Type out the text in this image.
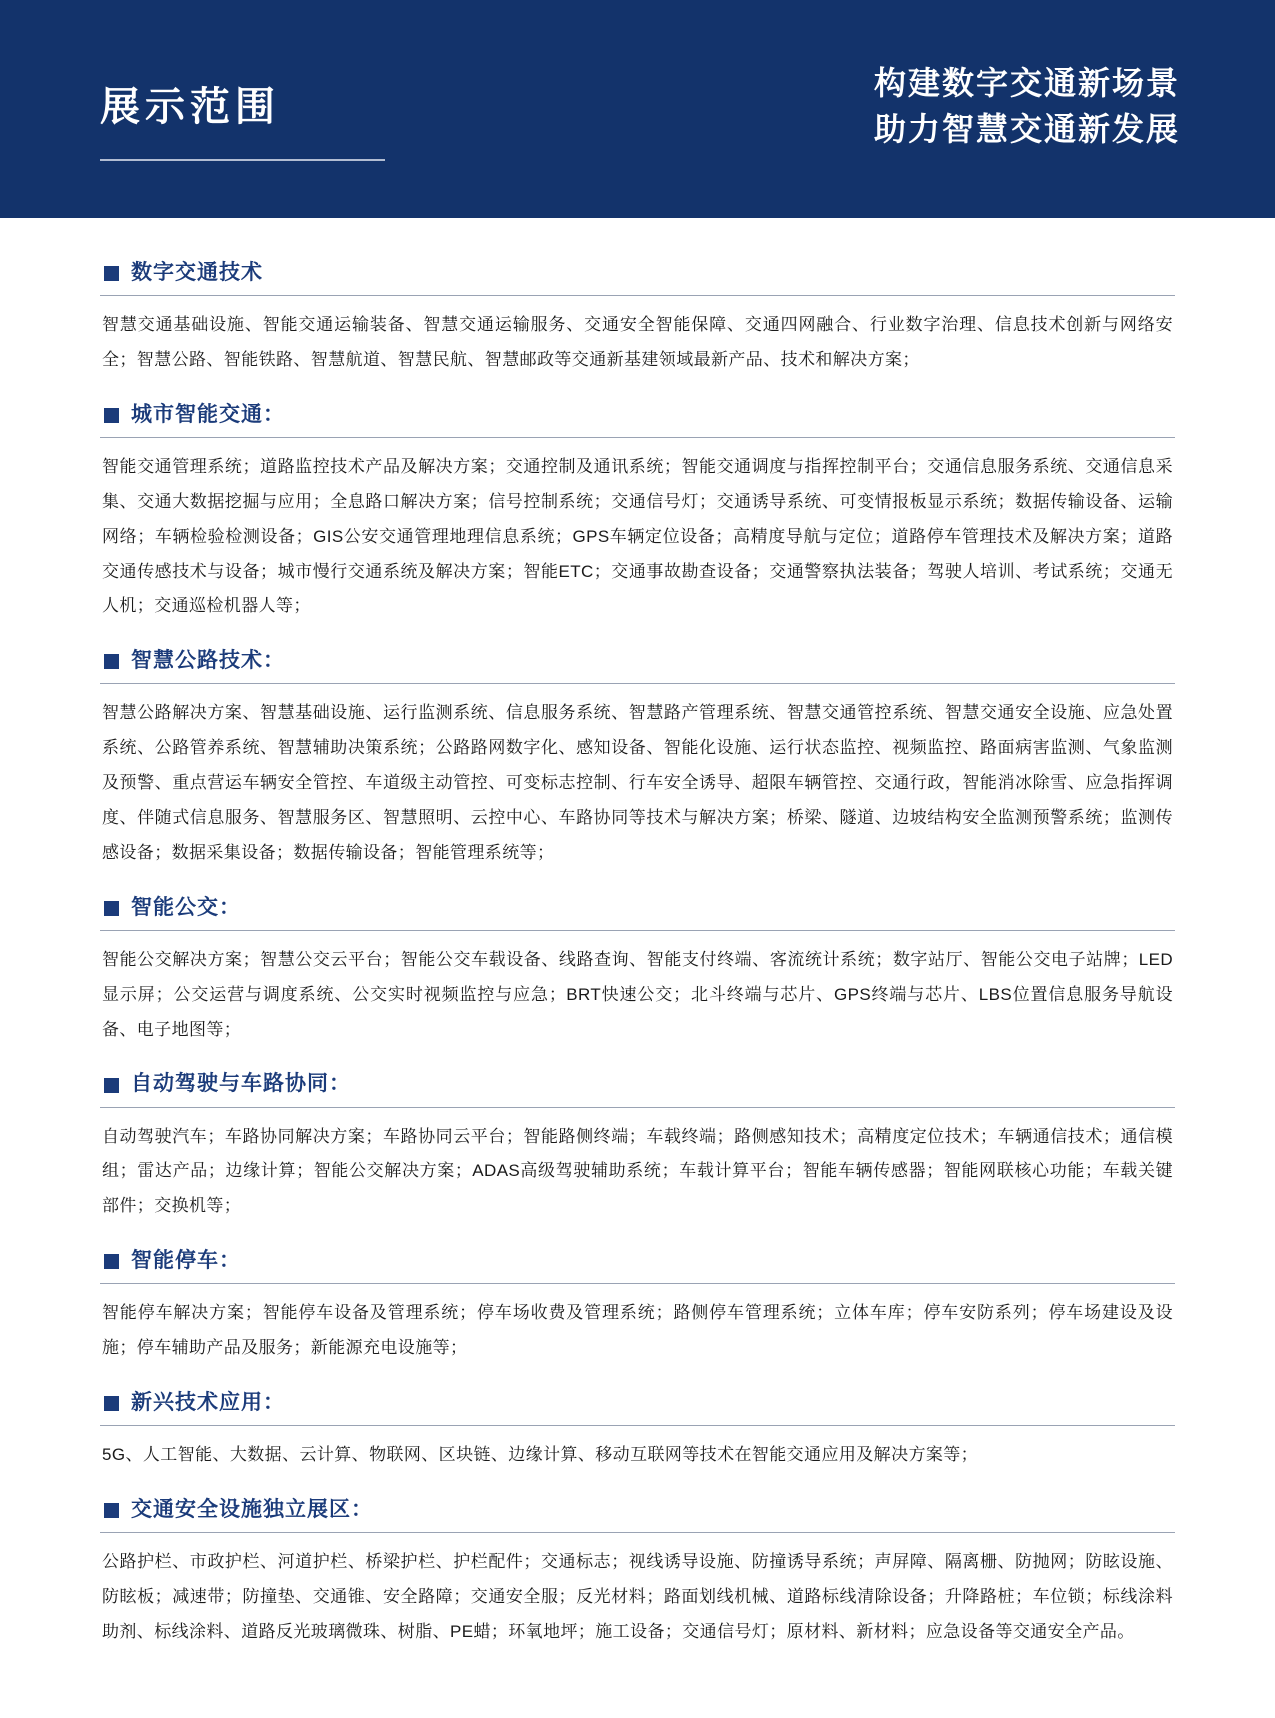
展示范围
构建数字交通新场景
助力智慧交通新发展
数字交通技术
智慧交通基础设施、智能交通运输装备、智慧交通运输服务、交通安全智能保障、交通四网融合、行业数字治理、信息技术创新与网络安全；智慧公路、智能铁路、智慧航道、智慧民航、智慧邮政等交通新基建领域最新产品、技术和解决方案；
城市智能交通：
智能交通管理系统；道路监控技术产品及解决方案；交通控制及通讯系统；智能交通调度与指挥控制平台；交通信息服务系统、交通信息采集、交通大数据挖掘与应用；全息路口解决方案；信号控制系统；交通信号灯；交通诱导系统、可变情报板显示系统；数据传输设备、运输网络；车辆检验检测设备；GIS公安交通管理地理信息系统；GPS车辆定位设备；高精度导航与定位；道路停车管理技术及解决方案；道路交通传感技术与设备；城市慢行交通系统及解决方案；智能ETC；交通事故勘查设备；交通警察执法装备；驾驶人培训、考试系统；交通无人机；交通巡检机器人等；
智慧公路技术：
智慧公路解决方案、智慧基础设施、运行监测系统、信息服务系统、智慧路产管理系统、智慧交通管控系统、智慧交通安全设施、应急处置系统、公路管养系统、智慧辅助决策系统；公路路网数字化、感知设备、智能化设施、运行状态监控、视频监控、路面病害监测、气象监测及预警、重点营运车辆安全管控、车道级主动管控、可变标志控制、行车安全诱导、超限车辆管控、交通行政，智能消冰除雪、应急指挥调度、伴随式信息服务、智慧服务区、智慧照明、云控中心、车路协同等技术与解决方案；桥梁、隧道、边坡结构安全监测预警系统；监测传感设备；数据采集设备；数据传输设备；智能管理系统等；
智能公交：
智能公交解决方案；智慧公交云平台；智能公交车载设备、线路查询、智能支付终端、客流统计系统；数字站厅、智能公交电子站牌；LED显示屏；公交运营与调度系统、公交实时视频监控与应急；BRT快速公交；北斗终端与芯片、GPS终端与芯片、LBS位置信息服务导航设备、电子地图等；
自动驾驶与车路协同：
自动驾驶汽车；车路协同解决方案；车路协同云平台；智能路侧终端；车载终端；路侧感知技术；高精度定位技术；车辆通信技术；通信模组；雷达产品；边缘计算；智能公交解决方案；ADAS高级驾驶辅助系统；车载计算平台；智能车辆传感器；智能网联核心功能；车载关键部件；交换机等；
智能停车：
智能停车解决方案；智能停车设备及管理系统；停车场收费及管理系统；路侧停车管理系统；立体车库；停车安防系列；停车场建设及设施；停车辅助产品及服务；新能源充电设施等；
新兴技术应用：
5G、人工智能、大数据、云计算、物联网、区块链、边缘计算、移动互联网等技术在智能交通应用及解决方案等；
交通安全设施独立展区：
公路护栏、市政护栏、河道护栏、桥梁护栏、护栏配件；交通标志；视线诱导设施、防撞诱导系统；声屏障、隔离栅、防抛网；防眩设施、防眩板；减速带；防撞垫、交通锥、安全路障；交通安全服；反光材料；路面划线机械、道路标线清除设备；升降路桩；车位锁；标线涂料助剂、标线涂料、道路反光玻璃微珠、树脂、PE蜡；环氧地坪；施工设备；交通信号灯；原材料、新材料；应急设备等交通安全产品。
